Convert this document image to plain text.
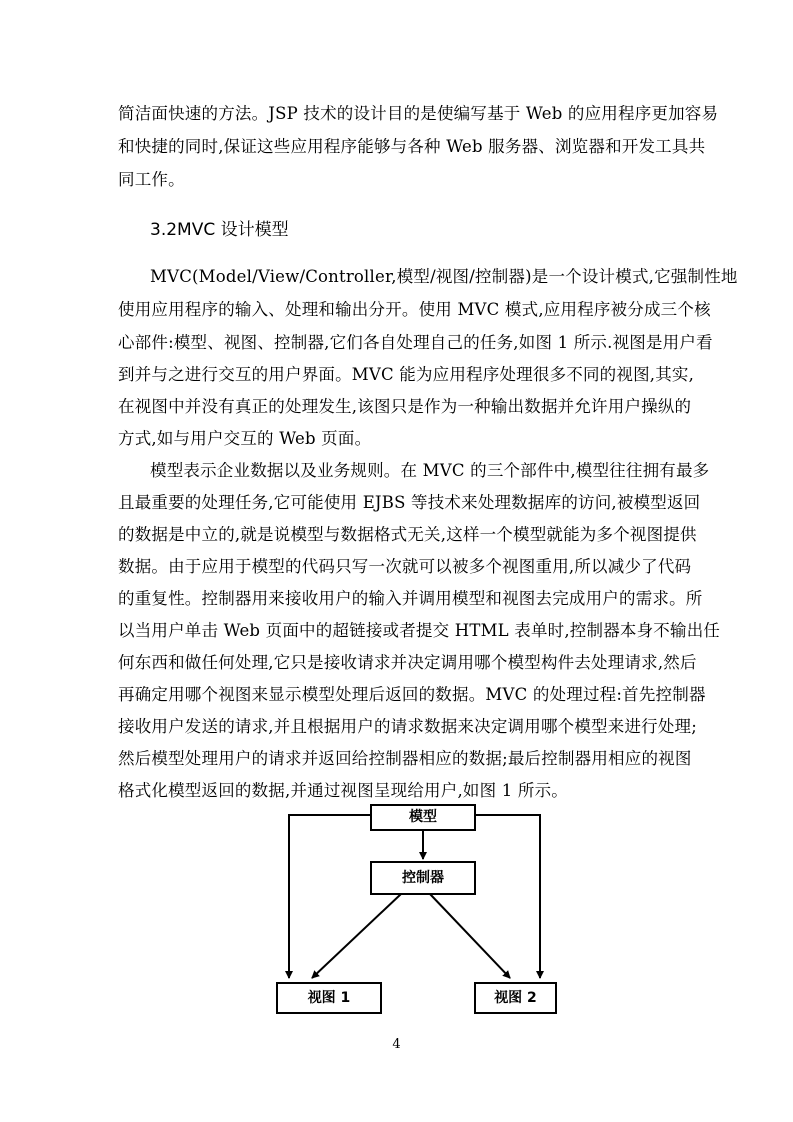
简洁面快速的方法。JSP 技术的设计目的是使编写基于 Web 的应用程序更加容易
和快捷的同时,保证这些应用程序能够与各种 Web 服务器、浏览器和开发工具共
同工作。
3.2MVC 设计模型
MVC(Model/View/Controller,模型/视图/控制器)是一个设计模式,它强制性地
使用应用程序的输入、处理和输出分开。使用 MVC 模式,应用程序被分成三个核
心部件:模型、视图、控制器,它们各自处理自己的任务,如图 1 所示.视图是用户看
到并与之进行交互的用户界面。MVC 能为应用程序处理很多不同的视图,其实,
在视图中并没有真正的处理发生,该图只是作为一种输出数据并允许用户操纵的
方式,如与用户交互的 Web 页面。
模型表示企业数据以及业务规则。在 MVC 的三个部件中,模型往往拥有最多
且最重要的处理任务,它可能使用 EJBS 等技术来处理数据库的访问,被模型返回
的数据是中立的,就是说模型与数据格式无关,这样一个模型就能为多个视图提供
数据。由于应用于模型的代码只写一次就可以被多个视图重用,所以减少了代码
的重复性。控制器用来接收用户的输入并调用模型和视图去完成用户的需求。所
以当用户单击 Web 页面中的超链接或者提交 HTML 表单时,控制器本身不输出任
何东西和做任何处理,它只是接收请求并决定调用哪个模型构件去处理请求,然后
再确定用哪个视图来显示模型处理后返回的数据。MVC 的处理过程:首先控制器
接收用户发送的请求,并且根据用户的请求数据来决定调用哪个模型来进行处理;
然后模型处理用户的请求并返回给控制器相应的数据;最后控制器用相应的视图
格式化模型返回的数据,并通过视图呈现给用户,如图 1 所示。
模型
控制器
视图 1	视图 2
4
